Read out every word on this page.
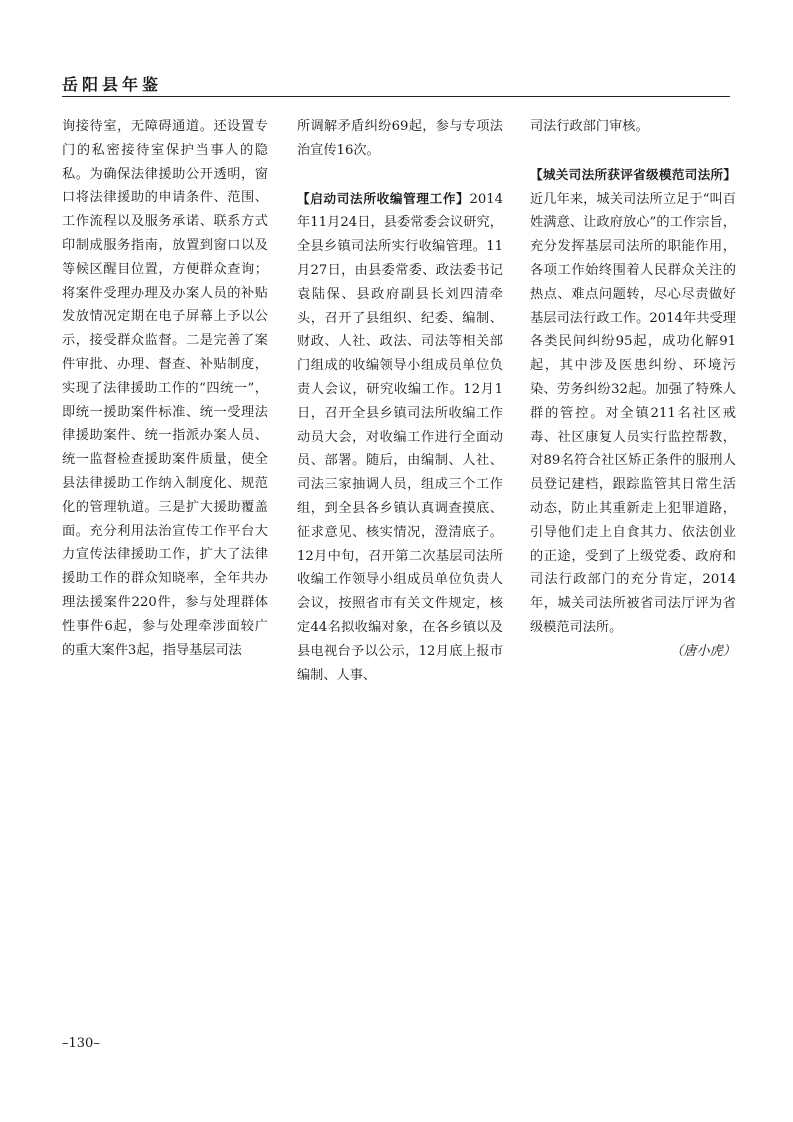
岳阳县年鉴

询接待室，无障碍通道。还设置专门的私密接待室保护当事人的隐私。为确保法律援助公开透明，窗口将法律援助的申请条件、范围、工作流程以及服务承诺、联系方式印制成服务指南，放置到窗口以及等候区醒目位置，方便群众查询；将案件受理办理及办案人员的补贴发放情况定期在电子屏幕上予以公示，接受群众监督。二是完善了案件审批、办理、督查、补贴制度，实现了法律援助工作的“四统一”，即统一援助案件标准、统一受理法律援助案件、统一指派办案人员、统一监督检查援助案件质量，使全县法律援助工作纳入制度化、规范化的管理轨道。三是扩大援助覆盖面。充分利用法治宣传工作平台大力宣传法律援助工作，扩大了法律援助工作的群众知晓率，全年共办理法援案件220件，参与处理群体性事件6起，参与处理牵涉面较广的重大案件3起，指导基层司法

所调解矛盾纠纷69起，参与专项法治宣传16次。

【启动司法所收编管理工作】2014年11月24日，县委常委会议研究，全县乡镇司法所实行收编管理。11月27日，由县委常委、政法委书记袁陆保、县政府副县长刘四清牵头，召开了县组织、纪委、编制、财政、人社、政法、司法等相关部门组成的收编领导小组成员单位负责人会议，研究收编工作。12月1日，召开全县乡镇司法所收编工作动员大会，对收编工作进行全面动员、部署。随后，由编制、人社、司法三家抽调人员，组成三个工作组，到全县各乡镇认真调查摸底、征求意见、核实情况，澄清底子。12月中旬，召开第二次基层司法所收编工作领导小组成员单位负责人会议，按照省市有关文件规定，核定44名拟收编对象，在各乡镇以及县电视台予以公示，12月底上报市编制、人事、

司法行政部门审核。

【城关司法所获评省级模范司法所】近几年来，城关司法所立足于“叫百姓满意、让政府放心”的工作宗旨，充分发挥基层司法所的职能作用，各项工作始终围着人民群众关注的热点、难点问题转，尽心尽责做好基层司法行政工作。2014年共受理各类民间纠纷95起，成功化解91起，其中涉及医患纠纷、环境污染、劳务纠纷32起。加强了特殊人群的管控。对全镇211名社区戒毒、社区康复人员实行监控帮教，对89名符合社区矫正条件的服刑人员登记建档，跟踪监管其日常生活动态，防止其重新走上犯罪道路，引导他们走上自食其力、依法创业的正途，受到了上级党委、政府和司法行政部门的充分肯定，2014年，城关司法所被省司法厅评为省级模范司法所。

（唐小虎）

–130–
